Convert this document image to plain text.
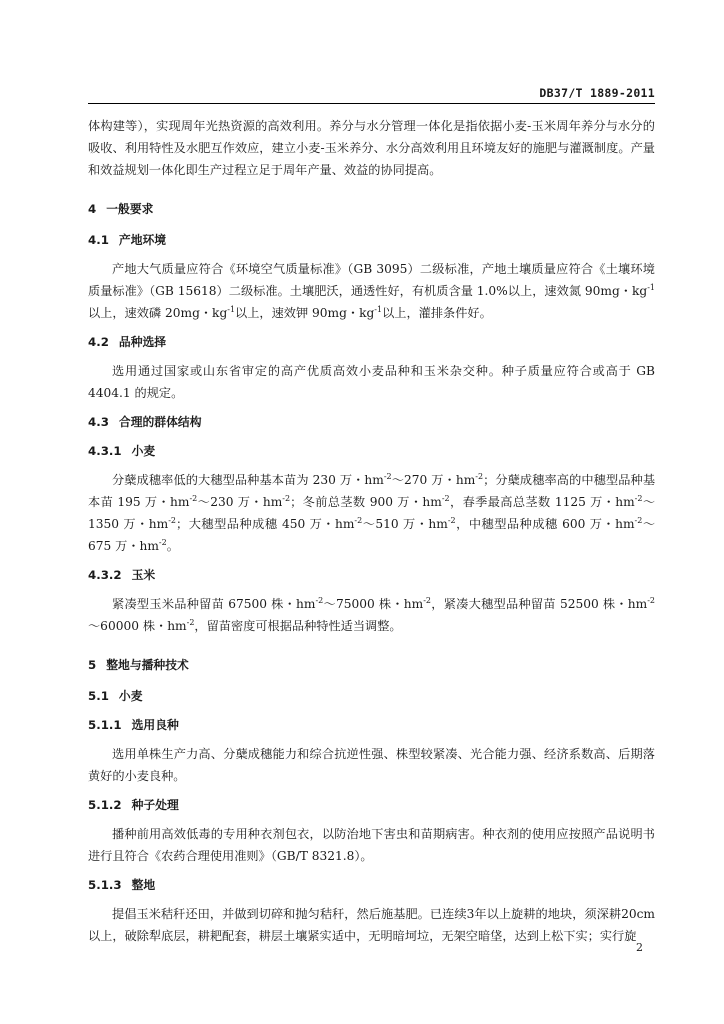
DB37/T 1889-2011

体构建等），实现周年光热资源的高效利用。养分与水分管理一体化是指依据小麦-玉米周年养分与水分的吸收、利用特性及水肥互作效应，建立小麦-玉米养分、水分高效利用且环境友好的施肥与灌溉制度。产量和效益规划一体化即生产过程立足于周年产量、效益的协同提高。

4 一般要求
4.1 产地环境

产地大气质量应符合《环境空气质量标准》（GB 3095）二级标准，产地土壤质量应符合《土壤环境质量标准》（GB 15618）二级标准。土壤肥沃，通透性好，有机质含量 1.0%以上，速效氮 90mg・$kg^{-1}$以上，速效磷 20mg・$kg^{-1}$以上，速效钾 90mg・$kg^{-1}$以上，灌排条件好。

4.2 品种选择

选用通过国家或山东省审定的高产优质高效小麦品种和玉米杂交种。种子质量应符合或高于 GB 4404.1 的规定。

4.3 合理的群体结构
4.3.1 小麦

分蘖成穗率低的大穗型品种基本苗为 230 万・$hm^{-2}\sim 270$ 万・$hm^{-2}$；分蘖成穗率高的中穗型品种基本苗 195 万・$hm^{-2}\sim 230$ 万・$hm^{-2}$；冬前总茎数 900 万・$hm^{-2}$，春季最高总茎数 1125 万・$hm^{-2}\sim 1350$ 万・$hm^{-2}$；大穗型品种成穗 450 万・$hm^{-2}\sim 510$ 万・$hm^{-2}$，中穗型品种成穗 600 万・$hm^{-2}\sim 675$ 万・$hm^{-2}$。

4.3.2 玉米

紧凑型玉米品种留苗 67500 株・$hm^{-2}\sim 75000$ 株・$hm^{-2}$，紧凑大穗型品种留苗 52500 株・$hm^{-2}\sim 60000$ 株・$hm^{-2}$，留苗密度可根据品种特性适当调整。

5 整地与播种技术
5.1 小麦
5.1.1 选用良种

选用单株生产力高、分蘖成穗能力和综合抗逆性强、株型较紧凑、光合能力强、经济系数高、后期落黄好的小麦良种。

5.1.2 种子处理

播种前用高效低毒的专用种衣剂包衣，以防治地下害虫和苗期病害。种衣剂的使用应按照产品说明书进行且符合《农药合理使用准则》（GB/T 8321.8）。

5.1.3 整地

提倡玉米秸秆还田，并做到切碎和抛匀秸秆，然后施基肥。已连续3年以上旋耕的地块，须深耕20cm以上，破除犁底层，耕耙配套，耕层土壤紧实适中，无明暗坷垃，无架空暗垡，达到上松下实；实行旋

2
